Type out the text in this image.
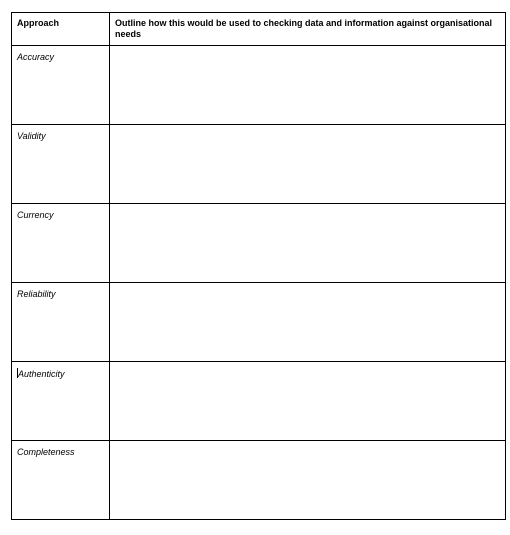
Approach	Outline how this would be used to checking data and information against organisational needs

Accuracy	

Validity	

Currency	

Reliability	

Authenticity	

Completeness	
